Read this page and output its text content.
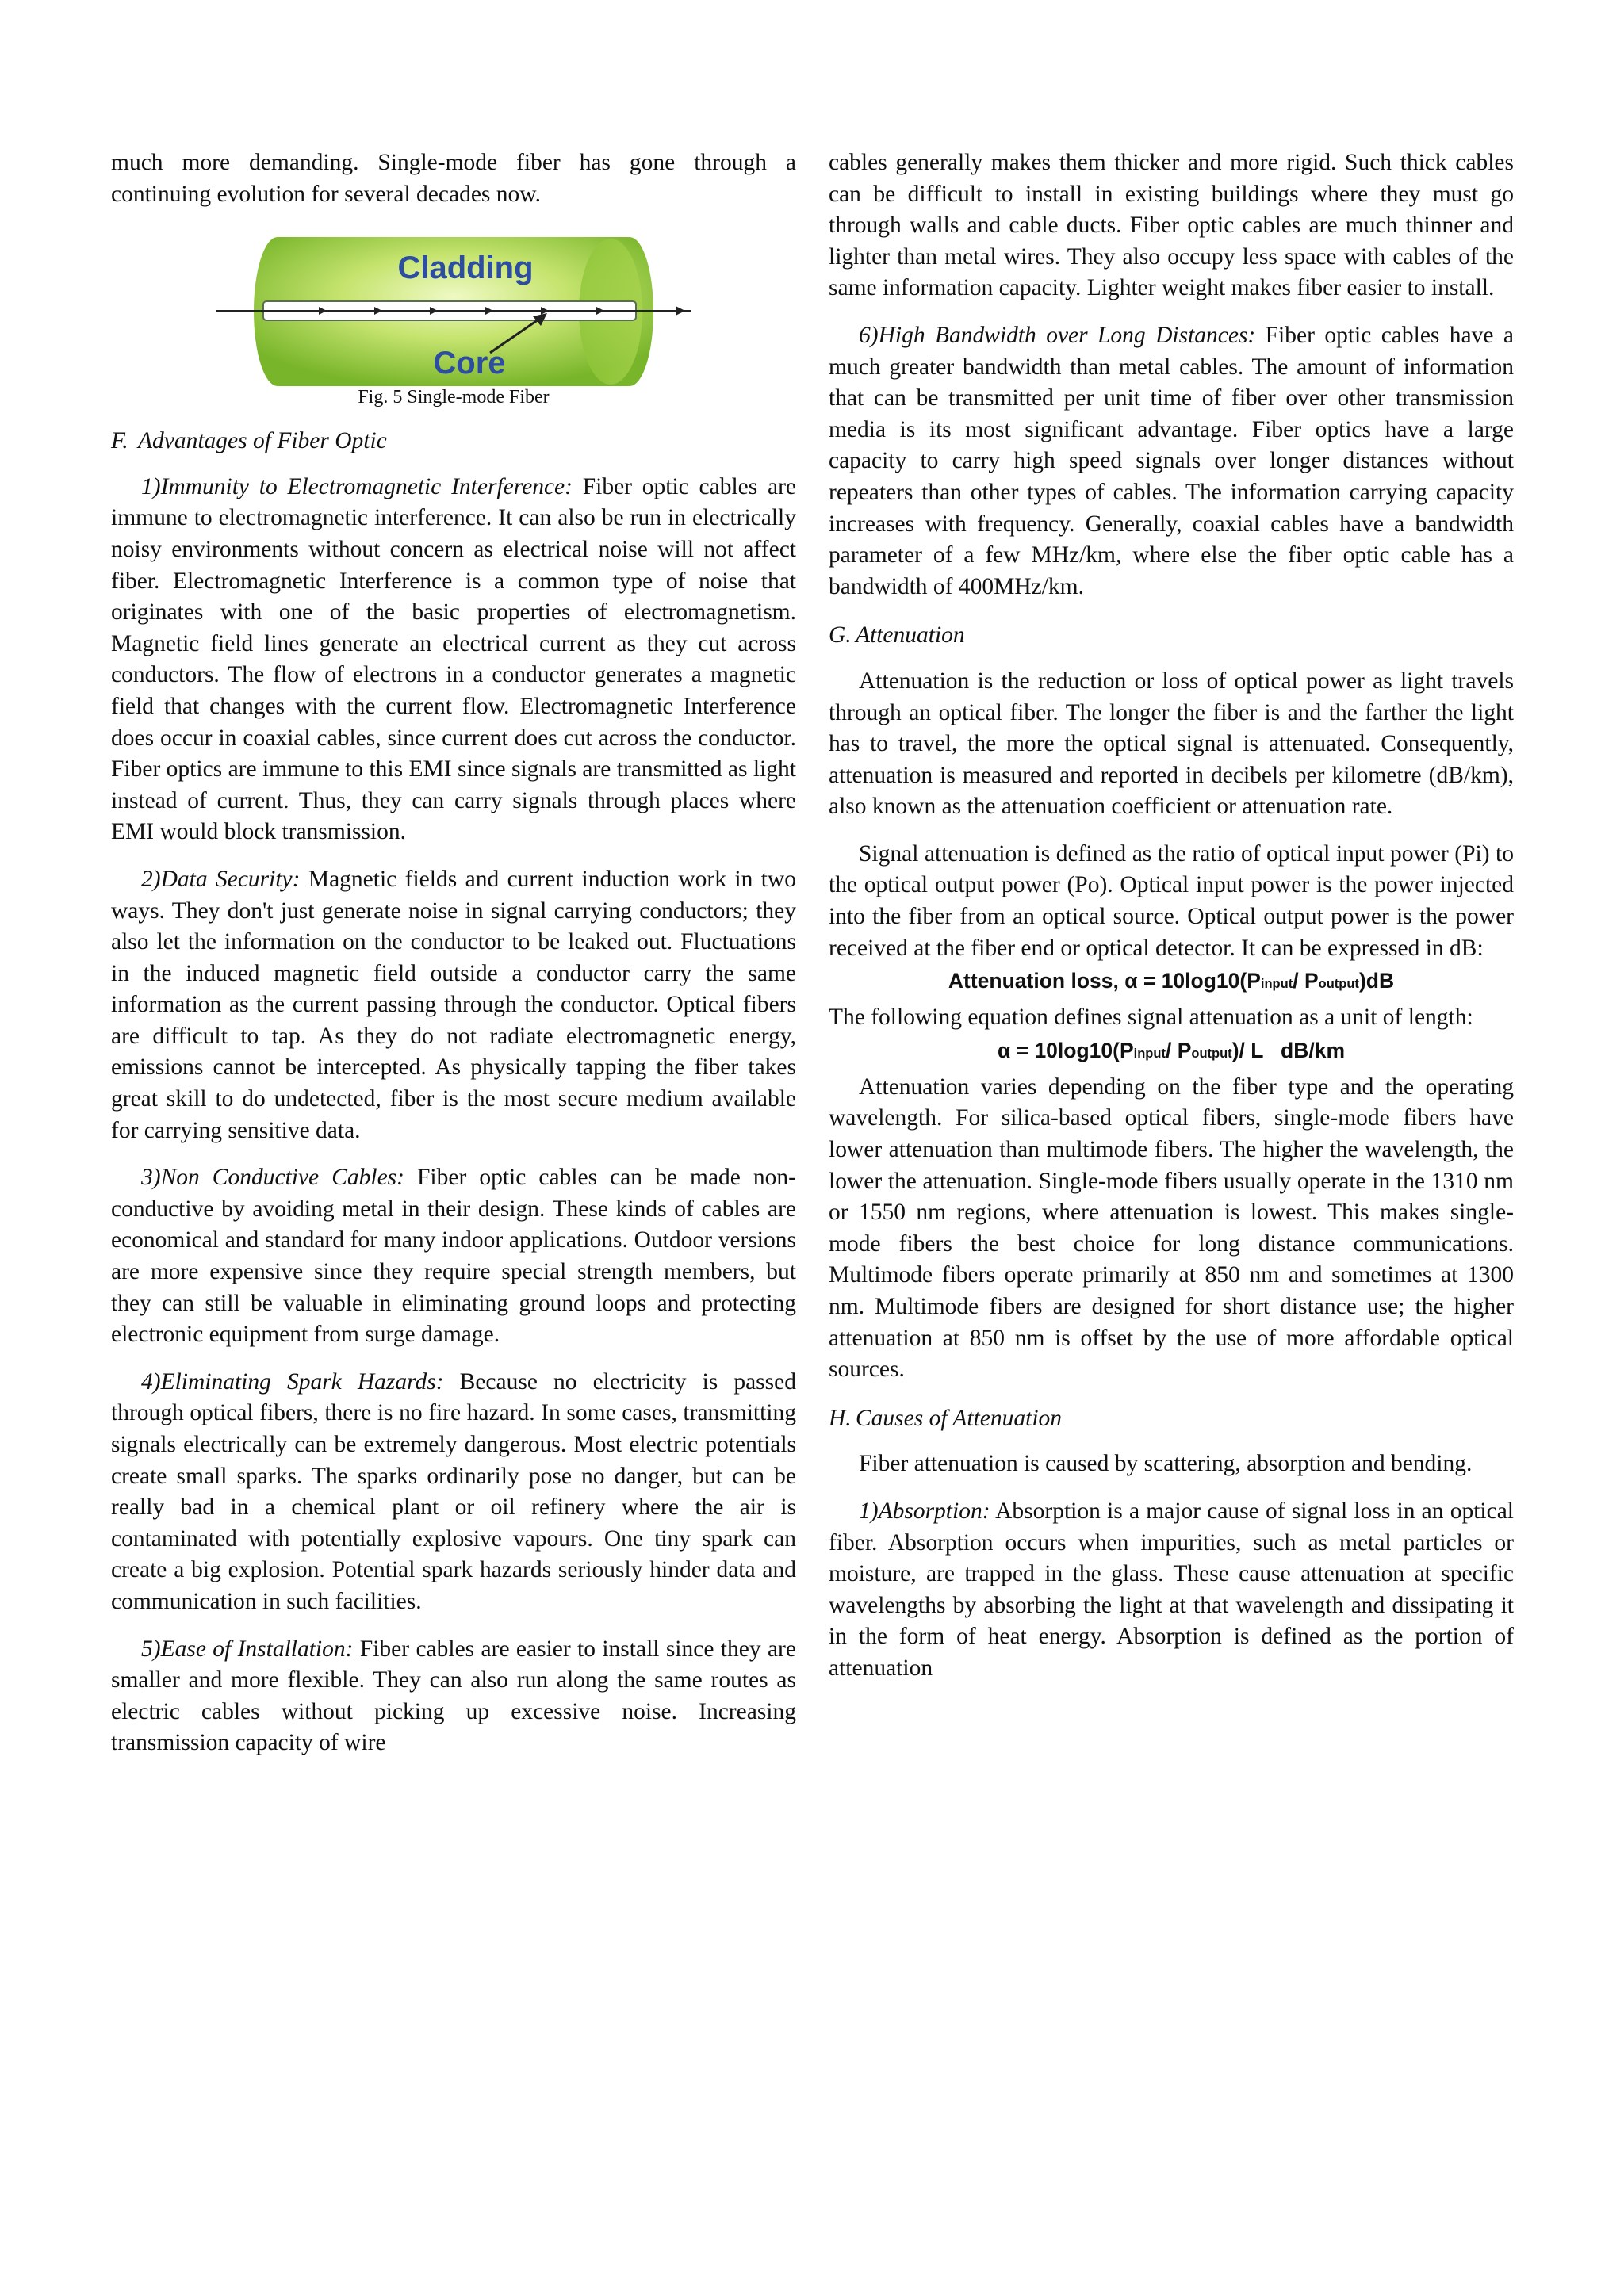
much more demanding. Single-mode fiber has gone through a continuing evolution for several decades now.

Cladding
Core

Fig. 5 Single-mode Fiber

F. Advantages of Fiber Optic

1)Immunity to Electromagnetic Interference: Fiber optic cables are immune to electromagnetic interference. It can also be run in electrically noisy environments without concern as electrical noise will not affect fiber. Electromagnetic Interference is a common type of noise that originates with one of the basic properties of electromagnetism. Magnetic field lines generate an electrical current as they cut across conductors. The flow of electrons in a conductor generates a magnetic field that changes with the current flow. Electromagnetic Interference does occur in coaxial cables, since current does cut across the conductor. Fiber optics are immune to this EMI since signals are transmitted as light instead of current. Thus, they can carry signals through places where EMI would block transmission.

2)Data Security: Magnetic fields and current induction work in two ways. They don't just generate noise in signal carrying conductors; they also let the information on the conductor to be leaked out. Fluctuations in the induced magnetic field outside a conductor carry the same information as the current passing through the conductor. Optical fibers are difficult to tap. As they do not radiate electromagnetic energy, emissions cannot be intercepted. As physically tapping the fiber takes great skill to do undetected, fiber is the most secure medium available for carrying sensitive data.

3)Non Conductive Cables: Fiber optic cables can be made non-conductive by avoiding metal in their design. These kinds of cables are economical and standard for many indoor applications. Outdoor versions are more expensive since they require special strength members, but they can still be valuable in eliminating ground loops and protecting electronic equipment from surge damage.

4)Eliminating Spark Hazards: Because no electricity is passed through optical fibers, there is no fire hazard. In some cases, transmitting signals electrically can be extremely dangerous. Most electric potentials create small sparks. The sparks ordinarily pose no danger, but can be really bad in a chemical plant or oil refinery where the air is contaminated with potentially explosive vapours. One tiny spark can create a big explosion. Potential spark hazards seriously hinder data and communication in such facilities.

5)Ease of Installation: Fiber cables are easier to install since they are smaller and more flexible. They can also run along the same routes as electric cables without picking up excessive noise. Increasing transmission capacity of wire

cables generally makes them thicker and more rigid. Such thick cables can be difficult to install in existing buildings where they must go through walls and cable ducts. Fiber optic cables are much thinner and lighter than metal wires. They also occupy less space with cables of the same information capacity. Lighter weight makes fiber easier to install.

6)High Bandwidth over Long Distances: Fiber optic cables have a much greater bandwidth than metal cables. The amount of information that can be transmitted per unit time of fiber over other transmission media is its most significant advantage. Fiber optics have a large capacity to carry high speed signals over longer distances without repeaters than other types of cables. The information carrying capacity increases with frequency. Generally, coaxial cables have a bandwidth parameter of a few MHz/km, where else the fiber optic cable has a bandwidth of 400MHz/km.

G. Attenuation

Attenuation is the reduction or loss of optical power as light travels through an optical fiber. The longer the fiber is and the farther the light has to travel, the more the optical signal is attenuated. Consequently, attenuation is measured and reported in decibels per kilometre (dB/km), also known as the attenuation coefficient or attenuation rate.

Signal attenuation is defined as the ratio of optical input power (Pi) to the optical output power (Po). Optical input power is the power injected into the fiber from an optical source. Optical output power is the power received at the fiber end or optical detector. It can be expressed in dB:

Attenuation loss, α = 10log10(Pinput/ Poutput)dB

The following equation defines signal attenuation as a unit of length:

α = 10log10(Pinput/ Poutput)/ L   dB/km

Attenuation varies depending on the fiber type and the operating wavelength. For silica-based optical fibers, single-mode fibers have lower attenuation than multimode fibers. The higher the wavelength, the lower the attenuation. Single-mode fibers usually operate in the 1310 nm or 1550 nm regions, where attenuation is lowest. This makes single-mode fibers the best choice for long distance communications. Multimode fibers operate primarily at 850 nm and sometimes at 1300 nm. Multimode fibers are designed for short distance use; the higher attenuation at 850 nm is offset by the use of more affordable optical sources.

H. Causes of Attenuation

Fiber attenuation is caused by scattering, absorption and bending.

1)Absorption: Absorption is a major cause of signal loss in an optical fiber. Absorption occurs when impurities, such as metal particles or moisture, are trapped in the glass. These cause attenuation at specific wavelengths by absorbing the light at that wavelength and dissipating it in the form of heat energy. Absorption is defined as the portion of attenuation
